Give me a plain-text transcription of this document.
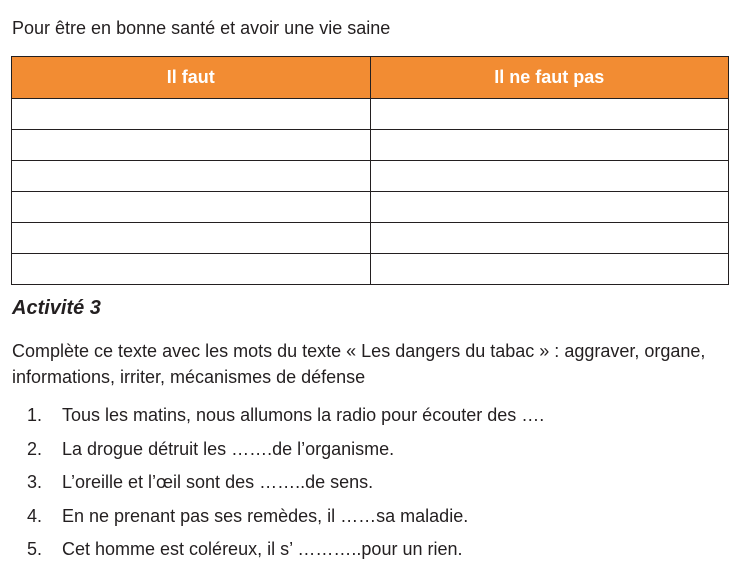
Pour être en bonne santé et avoir une vie saine

Il faut	Il ne faut pas

Activité 3

Complète ce texte avec les mots du texte « Les dangers du tabac » : aggraver, organe, informations, irriter, mécanismes de défense

1. Tous les matins, nous allumons la radio pour écouter des ….
2. La drogue détruit les …….de l’organisme.
3. L’oreille et l’œil sont des ……..de sens.
4. En ne prenant pas ses remèdes, il ……sa maladie.
5. Cet homme est coléreux, il s’ ………..pour un rien.
